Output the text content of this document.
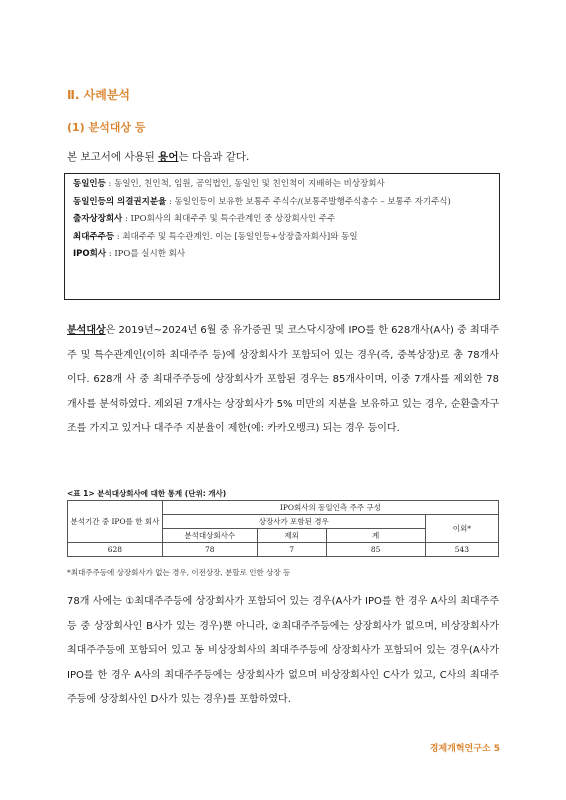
Ⅱ. 사례분석
(1) 분석대상 등
본 보고서에 사용된 용어는 다음과 같다.
동일인등 : 동일인, 친인척, 임원, 공익법인, 동일인 및 친인척이 지배하는 비상장회사
동일인등의 의결권지분율 : 동일인등이 보유한 보통주 주식수/(보통주발행주식총수 – 보통주 자기주식)
출자상장회사 : IPO회사의 최대주주 및 특수관계인 중 상장회사인 주주
최대주주등 : 최대주주 및 특수관계인. 이는 [동일인등+상장출자회사]와 동일
IPO회사 : IPO를 실시한 회사
분석대상은 2019년~2024년 6월 중 유가증권 및 코스닥시장에 IPO를 한 628개사(A사) 중 최대주주 및 특수관계인(이하 최대주주 등)에 상장회사가 포함되어 있는 경우(즉, 중복상장)로 총 78개사이다. 628개 사 중 최대주주등에 상장회사가 포함된 경우는 85개사이며, 이중 7개사를 제외한 78개사를 분석하였다. 제외된 7개사는 상장회사가 5% 미만의 지분을 보유하고 있는 경우, 순환출자구조를 가지고 있거나 대주주 지분율이 제한(예: 카카오뱅크) 되는 경우 등이다.
<표 1> 분석대상회사에 대한 통계 (단위: 개사)
분석기간 중 IPO를 한 회사	IPO회사의 동일인측 주주 구성			
	상장사가 포함된 경우			이외*
	분석대상회사수	제외	계	
628	78	7	85	543
*최대주주등에 상장회사가 없는 경우, 이전상장, 분할로 인한 상장 등
78개 사에는 ①최대주주등에 상장회사가 포함되어 있는 경우(A사가 IPO를 한 경우 A사의 최대주주등 중 상장회사인 B사가 있는 경우)뿐 아니라, ②최대주주등에는 상장회사가 없으며, 비상장회사가 최대주주등에 포함되어 있고 동 비상장회사의 최대주주등에 상장회사가 포함되어 있는 경우(A사가 IPO를 한 경우 A사의 최대주주등에는 상장회사가 없으며 비상장회사인 C사가 있고, C사의 최대주주등에 상장회사인 D사가 있는 경우)를 포함하였다.
경제개혁연구소 5
